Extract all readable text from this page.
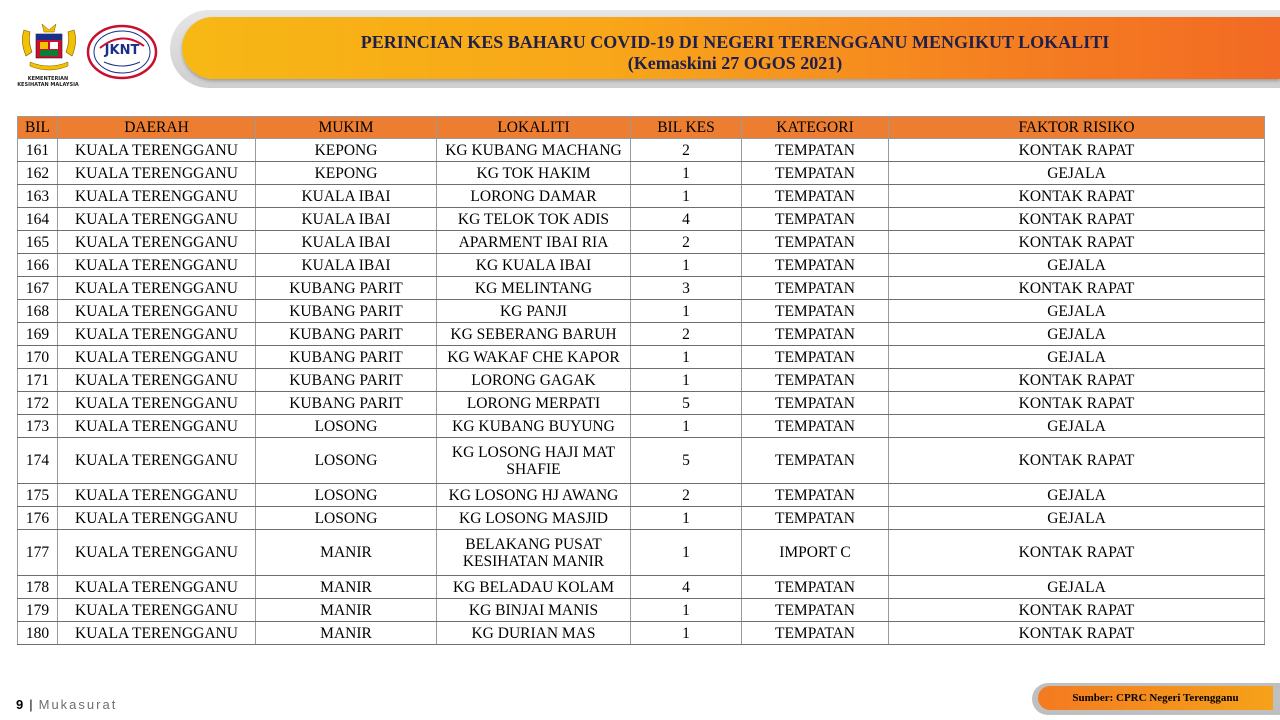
KEMENTERIAN KESIHATAN MALAYSIA
JKNT	PERINCIAN KES BAHARU COVID-19 DI NEGERI TERENGGANU MENGIKUT LOKALITI
(Kemaskini 27 OGOS 2021)
BIL	DAERAH	MUKIM	LOKALITI	BIL KES	KATEGORI	FAKTOR RISIKO
161	KUALA TERENGGANU	KEPONG	KG KUBANG MACHANG	2	TEMPATAN	KONTAK RAPAT
162	KUALA TERENGGANU	KEPONG	KG TOK HAKIM	1	TEMPATAN	GEJALA
163	KUALA TERENGGANU	KUALA IBAI	LORONG DAMAR	1	TEMPATAN	KONTAK RAPAT
164	KUALA TERENGGANU	KUALA IBAI	KG TELOK TOK ADIS	4	TEMPATAN	KONTAK RAPAT
165	KUALA TERENGGANU	KUALA IBAI	APARMENT IBAI RIA	2	TEMPATAN	KONTAK RAPAT
166	KUALA TERENGGANU	KUALA IBAI	KG KUALA IBAI	1	TEMPATAN	GEJALA
167	KUALA TERENGGANU	KUBANG PARIT	KG MELINTANG	3	TEMPATAN	KONTAK RAPAT
168	KUALA TERENGGANU	KUBANG PARIT	KG PANJI	1	TEMPATAN	GEJALA
169	KUALA TERENGGANU	KUBANG PARIT	KG SEBERANG BARUH	2	TEMPATAN	GEJALA
170	KUALA TERENGGANU	KUBANG PARIT	KG WAKAF CHE KAPOR	1	TEMPATAN	GEJALA
171	KUALA TERENGGANU	KUBANG PARIT	LORONG GAGAK	1	TEMPATAN	KONTAK RAPAT
172	KUALA TERENGGANU	KUBANG PARIT	LORONG MERPATI	5	TEMPATAN	KONTAK RAPAT
173	KUALA TERENGGANU	LOSONG	KG KUBANG BUYUNG	1	TEMPATAN	GEJALA
174	KUALA TERENGGANU	LOSONG	KG LOSONG HAJI MAT SHAFIE	5	TEMPATAN	KONTAK RAPAT
175	KUALA TERENGGANU	LOSONG	KG LOSONG HJ AWANG	2	TEMPATAN	GEJALA
176	KUALA TERENGGANU	LOSONG	KG LOSONG MASJID	1	TEMPATAN	GEJALA
177	KUALA TERENGGANU	MANIR	BELAKANG PUSAT KESIHATAN MANIR	1	IMPORT C	KONTAK RAPAT
178	KUALA TERENGGANU	MANIR	KG BELADAU KOLAM	4	TEMPATAN	GEJALA
179	KUALA TERENGGANU	MANIR	KG BINJAI MANIS	1	TEMPATAN	KONTAK RAPAT
180	KUALA TERENGGANU	MANIR	KG DURIAN MAS	1	TEMPATAN	KONTAK RAPAT
9 | Mukasurat	Sumber: CPRC Negeri Terengganu
